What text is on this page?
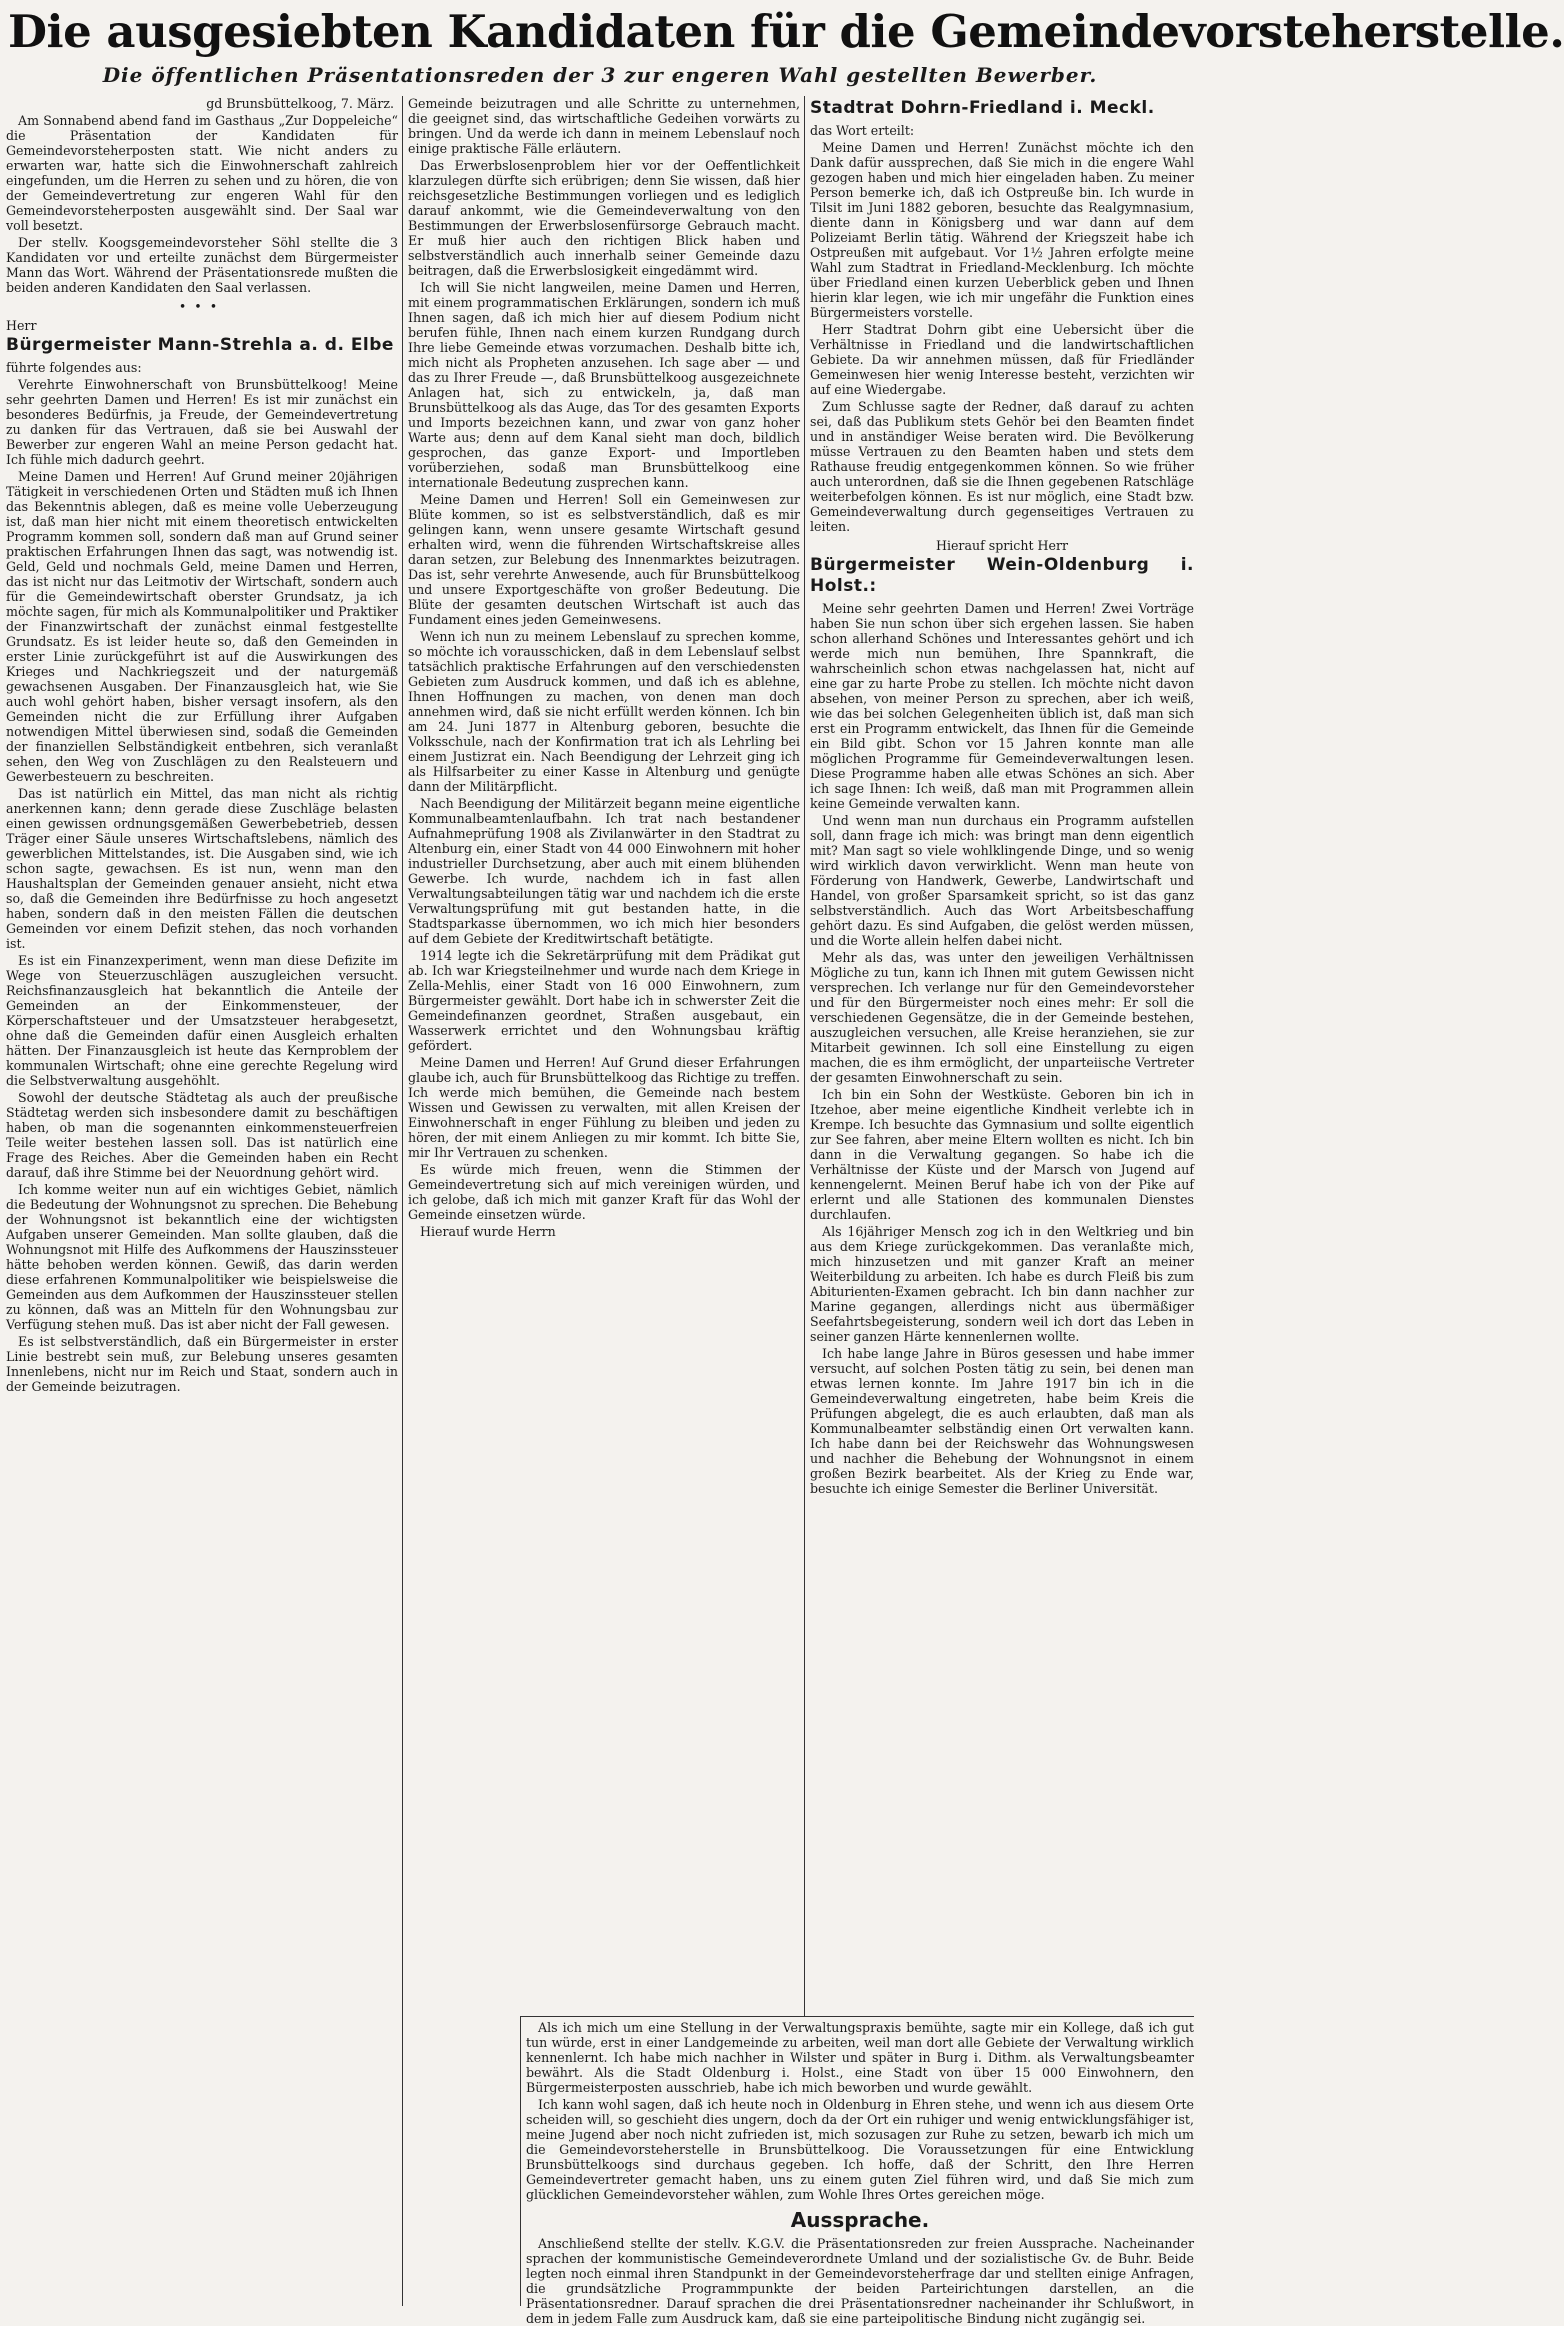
Die ausgesiebten Kandidaten für die Gemeindevorsteherstelle.
Die öffentlichen Präsentationsreden der 3 zur engeren Wahl gestellten Bewerber.
gd Brunsbüttelkoog, 7. März.

Am Sonnabend abend fand im Gasthaus „Zur Doppeleiche“ die Präsentation der Kandidaten für Gemeindevorsteherposten statt. Wie nicht anders zu erwarten war, hatte sich die Einwohnerschaft zahlreich eingefunden, um die Herren zu sehen und zu hören, die von der Gemeindevertretung zur engeren Wahl für den Gemeindevorsteherposten ausgewählt sind. Der Saal war voll besetzt.

Der stellv. Koogsgemeindevorsteher Söhl stellte die 3 Kandidaten vor und erteilte zunächst dem Bürgermeister Mann das Wort. Während der Präsentationsrede mußten die beiden anderen Kandidaten den Saal verlassen.

•••

Herr

Bürgermeister Mann-Strehla a. d. Elbe

führte folgendes aus:

Verehrte Einwohnerschaft von Brunsbüttelkoog! Meine sehr geehrten Damen und Herren! Es ist mir zunächst ein besonderes Bedürfnis, ja Freude, der Gemeindevertretung zu danken für das Vertrauen, daß sie bei Auswahl der Bewerber zur engeren Wahl an meine Person gedacht hat. Ich fühle mich dadurch geehrt.

Meine Damen und Herren! Auf Grund meiner 20jährigen Tätigkeit in verschiedenen Orten und Städten muß ich Ihnen das Bekenntnis ablegen, daß es meine volle Ueberzeugung ist, daß man hier nicht mit einem theoretisch entwickelten Programm kommen soll, sondern daß man auf Grund seiner praktischen Erfahrungen Ihnen das sagt, was notwendig ist. Geld, Geld und nochmals Geld, meine Damen und Herren, das ist nicht nur das Leitmotiv der Wirtschaft, sondern auch für die Gemeindewirtschaft oberster Grundsatz, ja ich möchte sagen, für mich als Kommunalpolitiker und Praktiker der Finanzwirtschaft der zunächst einmal festgestellte Grundsatz. Es ist leider heute so, daß den Gemeinden in erster Linie zurückgeführt ist auf die Auswirkungen des Krieges und Nachkriegszeit und der naturgemäß gewachsenen Ausgaben. Der Finanzausgleich hat, wie Sie auch wohl gehört haben, bisher versagt insofern, als den Gemeinden nicht die zur Erfüllung ihrer Aufgaben notwendigen Mittel überwiesen sind, sodaß die Gemeinden der finanziellen Selbständigkeit entbehren, sich veranlaßt sehen, den Weg von Zuschlägen zu den Realsteuern und Gewerbesteuern zu beschreiten.

Das ist natürlich ein Mittel, das man nicht als richtig anerkennen kann; denn gerade diese Zuschläge belasten einen gewissen ordnungsgemäßen Gewerbebetrieb, dessen Träger einer Säule unseres Wirtschaftslebens, nämlich des gewerblichen Mittelstandes, ist. Die Ausgaben sind, wie ich schon sagte, gewachsen. Es ist nun, wenn man den Haushaltsplan der Gemeinden genauer ansieht, nicht etwa so, daß die Gemeinden ihre Bedürfnisse zu hoch angesetzt haben, sondern daß in den meisten Fällen die deutschen Gemeinden vor einem Defizit stehen, das noch vorhanden ist.

Es ist ein Finanzexperiment, wenn man diese Defizite im Wege von Steuerzuschlägen auszugleichen versucht. Reichsfinanzausgleich hat bekanntlich die Anteile der Gemeinden an der Einkommensteuer, der Körperschaftsteuer und der Umsatzsteuer herabgesetzt, ohne daß die Gemeinden dafür einen Ausgleich erhalten hätten. Der Finanzausgleich ist heute das Kernproblem der kommunalen Wirtschaft; ohne eine gerechte Regelung wird die Selbstverwaltung ausgehöhlt.

Sowohl der deutsche Städtetag als auch der preußische Städtetag werden sich insbesondere damit zu beschäftigen haben, ob man die sogenannten einkommensteuerfreien Teile weiter bestehen lassen soll. Das ist natürlich eine Frage des Reiches. Aber die Gemeinden haben ein Recht darauf, daß ihre Stimme bei der Neuordnung gehört wird.

Ich komme weiter nun auf ein wichtiges Gebiet, nämlich die Bedeutung der Wohnungsnot zu sprechen. Die Behebung der Wohnungsnot ist bekanntlich eine der wichtigsten Aufgaben unserer Gemeinden. Man sollte glauben, daß die Wohnungsnot mit Hilfe des Aufkommens der Hauszinssteuer hätte behoben werden können. Gewiß, das darin werden diese erfahrenen Kommunalpolitiker wie beispielsweise die Gemeinden aus dem Aufkommen der Hauszinssteuer stellen zu können, daß was an Mitteln für den Wohnungsbau zur Verfügung stehen muß. Das ist aber nicht der Fall gewesen.

Es ist selbstverständlich, daß ein Bürgermeister in erster Linie bestrebt sein muß, zur Belebung unseres gesamten Innenlebens, nicht nur im Reich und Staat, sondern auch in der Gemeinde beizutragen.

Gemeinde beizutragen und alle Schritte zu unternehmen, die geeignet sind, das wirtschaftliche Gedeihen vorwärts zu bringen. Und da werde ich dann in meinem Lebenslauf noch einige praktische Fälle erläutern.

Das Erwerbslosenproblem hier vor der Oeffentlichkeit klarzulegen dürfte sich erübrigen; denn Sie wissen, daß hier reichsgesetzliche Bestimmungen vorliegen und es lediglich darauf ankommt, wie die Gemeindeverwaltung von den Bestimmungen der Erwerbslosenfürsorge Gebrauch macht. Er muß hier auch den richtigen Blick haben und selbstverständlich auch innerhalb seiner Gemeinde dazu beitragen, daß die Erwerbslosigkeit eingedämmt wird.

Ich will Sie nicht langweilen, meine Damen und Herren, mit einem programmatischen Erklärungen, sondern ich muß Ihnen sagen, daß ich mich hier auf diesem Podium nicht berufen fühle, Ihnen nach einem kurzen Rundgang durch Ihre liebe Gemeinde etwas vorzumachen. Deshalb bitte ich, mich nicht als Propheten anzusehen. Ich sage aber — und das zu Ihrer Freude —, daß Brunsbüttelkoog ausgezeichnete Anlagen hat, sich zu entwickeln, ja, daß man Brunsbüttelkoog als das Auge, das Tor des gesamten Exports und Imports bezeichnen kann, und zwar von ganz hoher Warte aus; denn auf dem Kanal sieht man doch, bildlich gesprochen, das ganze Export- und Importleben vorüberziehen, sodaß man Brunsbüttelkoog eine internationale Bedeutung zusprechen kann.

Meine Damen und Herren! Soll ein Gemeinwesen zur Blüte kommen, so ist es selbstverständlich, daß es mir gelingen kann, wenn unsere gesamte Wirtschaft gesund erhalten wird, wenn die führenden Wirtschaftskreise alles daran setzen, zur Belebung des Innenmarktes beizutragen. Das ist, sehr verehrte Anwesende, auch für Brunsbüttelkoog und unsere Exportgeschäfte von großer Bedeutung. Die Blüte der gesamten deutschen Wirtschaft ist auch das Fundament eines jeden Gemeinwesens.

Wenn ich nun zu meinem Lebenslauf zu sprechen komme, so möchte ich vorausschicken, daß in dem Lebenslauf selbst tatsächlich praktische Erfahrungen auf den verschiedensten Gebieten zum Ausdruck kommen, und daß ich es ablehne, Ihnen Hoffnungen zu machen, von denen man doch annehmen wird, daß sie nicht erfüllt werden können. Ich bin am 24. Juni 1877 in Altenburg geboren, besuchte die Volksschule, nach der Konfirmation trat ich als Lehrling bei einem Justizrat ein. Nach Beendigung der Lehrzeit ging ich als Hilfsarbeiter zu einer Kasse in Altenburg und genügte dann der Militärpflicht.

Nach Beendigung der Militärzeit begann meine eigentliche Kommunalbeamtenlaufbahn. Ich trat nach bestandener Aufnahmeprüfung 1908 als Zivilanwärter in den Stadtrat zu Altenburg ein, einer Stadt von 44 000 Einwohnern mit hoher industrieller Durchsetzung, aber auch mit einem blühenden Gewerbe. Ich wurde, nachdem ich in fast allen Verwaltungsabteilungen tätig war und nachdem ich die erste Verwaltungsprüfung mit gut bestanden hatte, in die Stadtsparkasse übernommen, wo ich mich hier besonders auf dem Gebiete der Kreditwirtschaft betätigte.

1914 legte ich die Sekretärprüfung mit dem Prädikat gut ab. Ich war Kriegsteilnehmer und wurde nach dem Kriege in Zella-Mehlis, einer Stadt von 16 000 Einwohnern, zum Bürgermeister gewählt. Dort habe ich in schwerster Zeit die Gemeindefinanzen geordnet, Straßen ausgebaut, ein Wasserwerk errichtet und den Wohnungsbau kräftig gefördert.

Meine Damen und Herren! Auf Grund dieser Erfahrungen glaube ich, auch für Brunsbüttelkoog das Richtige zu treffen. Ich werde mich bemühen, die Gemeinde nach bestem Wissen und Gewissen zu verwalten, mit allen Kreisen der Einwohnerschaft in enger Fühlung zu bleiben und jeden zu hören, der mit einem Anliegen zu mir kommt. Ich bitte Sie, mir Ihr Vertrauen zu schenken.

Es würde mich freuen, wenn die Stimmen der Gemeindevertretung sich auf mich vereinigen würden, und ich gelobe, daß ich mich mit ganzer Kraft für das Wohl der Gemeinde einsetzen würde.

Hierauf wurde Herrn

Stadtrat Dohrn-Friedland i. Meckl.

das Wort erteilt:

Meine Damen und Herren! Zunächst möchte ich den Dank dafür aussprechen, daß Sie mich in die engere Wahl gezogen haben und mich hier eingeladen haben. Zu meiner Person bemerke ich, daß ich Ostpreuße bin. Ich wurde in Tilsit im Juni 1882 geboren, besuchte das Realgymnasium, diente dann in Königsberg und war dann auf dem Polizeiamt Berlin tätig. Während der Kriegszeit habe ich Ostpreußen mit aufgebaut. Vor 1½ Jahren erfolgte meine Wahl zum Stadtrat in Friedland-Mecklenburg. Ich möchte über Friedland einen kurzen Ueberblick geben und Ihnen hierin klar legen, wie ich mir ungefähr die Funktion eines Bürgermeisters vorstelle.

Herr Stadtrat Dohrn gibt eine Uebersicht über die Verhältnisse in Friedland und die landwirtschaftlichen Gebiete. Da wir annehmen müssen, daß für Friedländer Gemeinwesen hier wenig Interesse besteht, verzichten wir auf eine Wiedergabe.

Zum Schlusse sagte der Redner, daß darauf zu achten sei, daß das Publikum stets Gehör bei den Beamten findet und in anständiger Weise beraten wird. Die Bevölkerung müsse Vertrauen zu den Beamten haben und stets dem Rathause freudig entgegenkommen können. So wie früher auch unterordnen, daß sie die Ihnen gegebenen Ratschläge weiterbefolgen können. Es ist nur möglich, eine Stadt bzw. Gemeindeverwaltung durch gegenseitiges Vertrauen zu leiten.

Hierauf spricht Herr

Bürgermeister Wein-Oldenburg i. Holst.:

Meine sehr geehrten Damen und Herren! Zwei Vorträge haben Sie nun schon über sich ergehen lassen. Sie haben schon allerhand Schönes und Interessantes gehört und ich werde mich nun bemühen, Ihre Spannkraft, die wahrscheinlich schon etwas nachgelassen hat, nicht auf eine gar zu harte Probe zu stellen. Ich möchte nicht davon absehen, von meiner Person zu sprechen, aber ich weiß, wie das bei solchen Gelegenheiten üblich ist, daß man sich erst ein Programm entwickelt, das Ihnen für die Gemeinde ein Bild gibt. Schon vor 15 Jahren konnte man alle möglichen Programme für Gemeindeverwaltungen lesen. Diese Programme haben alle etwas Schönes an sich. Aber ich sage Ihnen: Ich weiß, daß man mit Programmen allein keine Gemeinde verwalten kann.

Und wenn man nun durchaus ein Programm aufstellen soll, dann frage ich mich: was bringt man denn eigentlich mit? Man sagt so viele wohlklingende Dinge, und so wenig wird wirklich davon verwirklicht. Wenn man heute von Förderung von Handwerk, Gewerbe, Landwirtschaft und Handel, von großer Sparsamkeit spricht, so ist das ganz selbstverständlich. Auch das Wort Arbeitsbeschaffung gehört dazu. Es sind Aufgaben, die gelöst werden müssen, und die Worte allein helfen dabei nicht.

Mehr als das, was unter den jeweiligen Verhältnissen Mögliche zu tun, kann ich Ihnen mit gutem Gewissen nicht versprechen. Ich verlange nur für den Gemeindevorsteher und für den Bürgermeister noch eines mehr: Er soll die verschiedenen Gegensätze, die in der Gemeinde bestehen, auszugleichen versuchen, alle Kreise heranziehen, sie zur Mitarbeit gewinnen. Ich soll eine Einstellung zu eigen machen, die es ihm ermöglicht, der unparteiische Vertreter der gesamten Einwohnerschaft zu sein.

Ich bin ein Sohn der Westküste. Geboren bin ich in Itzehoe, aber meine eigentliche Kindheit verlebte ich in Krempe. Ich besuchte das Gymnasium und sollte eigentlich zur See fahren, aber meine Eltern wollten es nicht. Ich bin dann in die Verwaltung gegangen. So habe ich die Verhältnisse der Küste und der Marsch von Jugend auf kennengelernt. Meinen Beruf habe ich von der Pike auf erlernt und alle Stationen des kommunalen Dienstes durchlaufen.

Als 16jähriger Mensch zog ich in den Weltkrieg und bin aus dem Kriege zurückgekommen. Das veranlaßte mich, mich hinzusetzen und mit ganzer Kraft an meiner Weiterbildung zu arbeiten. Ich habe es durch Fleiß bis zum Abiturienten-Examen gebracht. Ich bin dann nachher zur Marine gegangen, allerdings nicht aus übermäßiger Seefahrtsbegeisterung, sondern weil ich dort das Leben in seiner ganzen Härte kennenlernen wollte.

Ich habe lange Jahre in Büros gesessen und habe immer versucht, auf solchen Posten tätig zu sein, bei denen man etwas lernen konnte. Im Jahre 1917 bin ich in die Gemeindeverwaltung eingetreten, habe beim Kreis die Prüfungen abgelegt, die es auch erlaubten, daß man als Kommunalbeamter selbständig einen Ort verwalten kann. Ich habe dann bei der Reichswehr das Wohnungswesen und nachher die Behebung der Wohnungsnot in einem großen Bezirk bearbeitet. Als der Krieg zu Ende war, besuchte ich einige Semester die Berliner Universität.

Als ich mich um eine Stellung in der Verwaltungspraxis bemühte, sagte mir ein Kollege, daß ich gut tun würde, erst in einer Landgemeinde zu arbeiten, weil man dort alle Gebiete der Verwaltung wirklich kennenlernt. Ich habe mich nachher in Wilster und später in Burg i. Dithm. als Verwaltungsbeamter bewährt. Als die Stadt Oldenburg i. Holst., eine Stadt von über 15 000 Einwohnern, den Bürgermeisterposten ausschrieb, habe ich mich beworben und wurde gewählt.

Ich kann wohl sagen, daß ich heute noch in Oldenburg in Ehren stehe, und wenn ich aus diesem Orte scheiden will, so geschieht dies ungern, doch da der Ort ein ruhiger und wenig entwicklungsfähiger ist, meine Jugend aber noch nicht zufrieden ist, mich sozusagen zur Ruhe zu setzen, bewarb ich mich um die Gemeindevorsteherstelle in Brunsbüttelkoog. Die Voraussetzungen für eine Entwicklung Brunsbüttelkoogs sind durchaus gegeben. Ich hoffe, daß der Schritt, den Ihre Herren Gemeindevertreter gemacht haben, uns zu einem guten Ziel führen wird, und daß Sie mich zum glücklichen Gemeindevorsteher wählen, zum Wohle Ihres Ortes gereichen möge.

Aussprache.

Anschließend stellte der stellv. K.G.V. die Präsentationsreden zur freien Aussprache. Nacheinander sprachen der kommunistische Gemeindeverordnete Umland und der sozialistische Gv. de Buhr. Beide legten noch einmal ihren Standpunkt in der Gemeindevorsteherfrage dar und stellten einige Anfragen, die grundsätzliche Programmpunkte der beiden Parteirichtungen darstellen, an die Präsentationsredner. Darauf sprachen die drei Präsentationsredner nacheinander ihr Schlußwort, in dem in jedem Falle zum Ausdruck kam, daß sie eine parteipolitische Bindung nicht zugängig sei.
